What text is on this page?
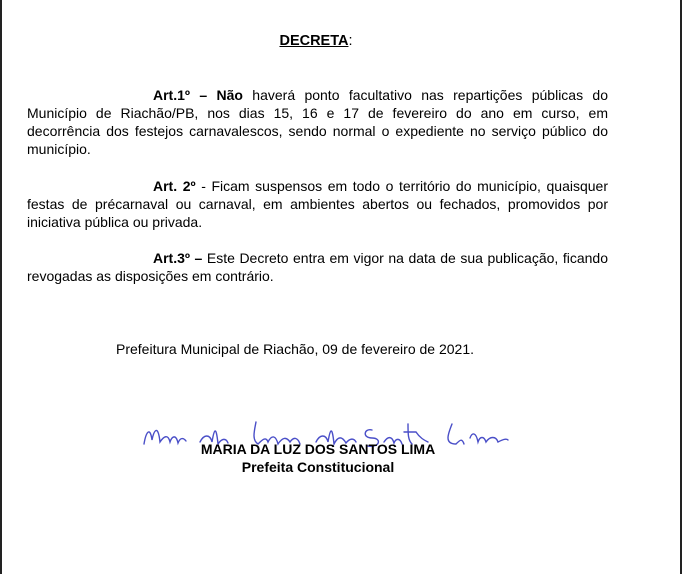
DECRETA:
Art.1º – Não haverá ponto facultativo nas repartições públicas do Município de Riachão/PB, nos dias 15, 16 e 17 de fevereiro do ano em curso, em decorrência dos festejos carnavalescos, sendo normal o expediente no serviço público do município.
Art. 2º - Ficam suspensos em todo o território do município, quaisquer festas de précarnaval ou carnaval, em ambientes abertos ou fechados, promovidos por iniciativa pública ou privada.
Art.3º – Este Decreto entra em vigor na data de sua publicação, ficando revogadas as disposições em contrário.
Prefeitura Municipal de Riachão, 09 de fevereiro de 2021.
MARIA DA LUZ DOS SANTOS LIMA
Prefeita Constitucional
